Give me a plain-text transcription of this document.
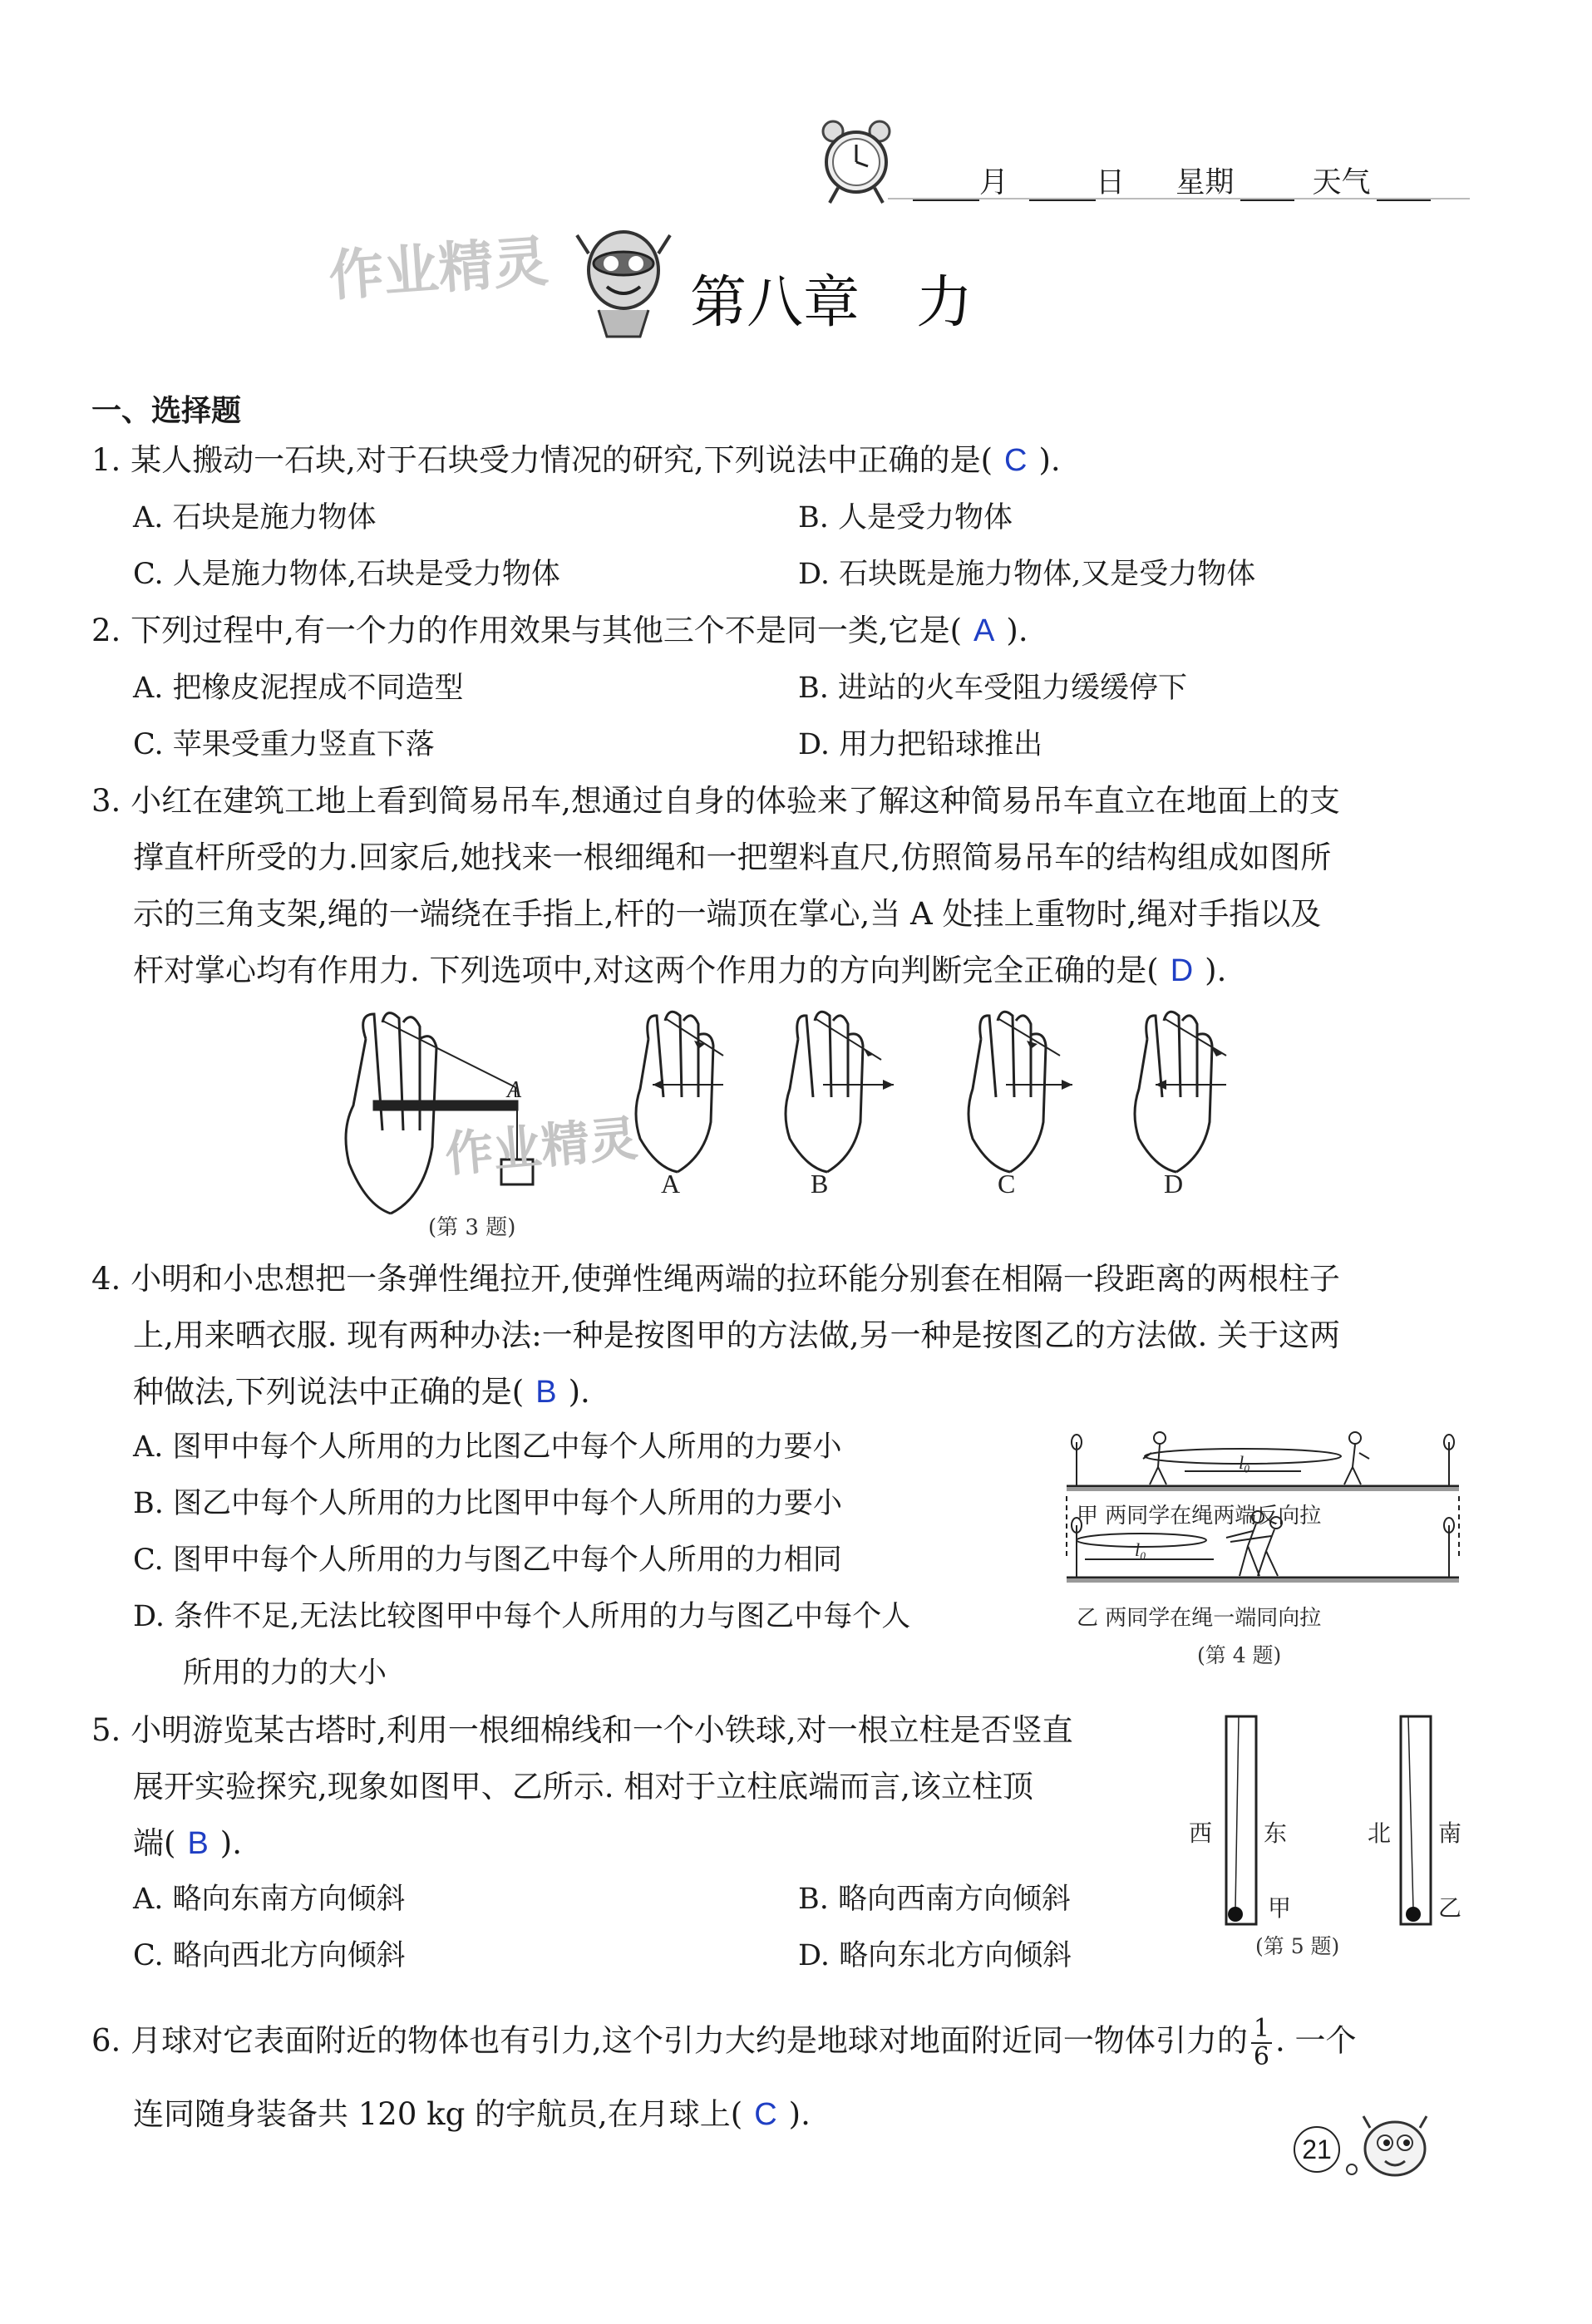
月	日 星期	天气
作业精灵 第八章　力
一、选择题
1. 某人搬动一石块,对于石块受力情况的研究,下列说法中正确的是( C ).
A. 石块是施力物体	B. 人是受力物体
C. 人是施力物体,石块是受力物体	D. 石块既是施力物体,又是受力物体
2. 下列过程中,有一个力的作用效果与其他三个不是同一类,它是( A ).
A. 把橡皮泥捏成不同造型	B. 进站的火车受阻力缓缓停下
C. 苹果受重力竖直下落	D. 用力把铅球推出
3. 小红在建筑工地上看到简易吊车,想通过自身的体验来了解这种简易吊车直立在地面上的支
撑直杆所受的力.回家后,她找来一根细绳和一把塑料直尺,仿照简易吊车的结构组成如图所
示的三角支架,绳的一端绕在手指上,杆的一端顶在掌心,当 A 处挂上重物时,绳对手指以及
杆对掌心均有作用力. 下列选项中,对这两个作用力的方向判断完全正确的是( D ).
A
作业精灵
(第 3 题)
A	B	C	D
4. 小明和小忠想把一条弹性绳拉开,使弹性绳两端的拉环能分别套在相隔一段距离的两根柱子
上,用来晒衣服. 现有两种办法:一种是按图甲的方法做,另一种是按图乙的方法做. 关于这两
种做法,下列说法中正确的是( B ).
A. 图甲中每个人所用的力比图乙中每个人所用的力要小
B. 图乙中每个人所用的力比图甲中每个人所用的力要小
C. 图甲中每个人所用的力与图乙中每个人所用的力相同
D. 条件不足,无法比较图甲中每个人所用的力与图乙中每个人
所用的力的大小
l₀
l₀
甲 两同学在绳两端反向拉
乙 两同学在绳一端同向拉
(第 4 题)
5. 小明游览某古塔时,利用一根细棉线和一个小铁球,对一根立柱是否竖直
展开实验探究,现象如图甲、乙所示. 相对于立柱底端而言,该立柱顶
端( B ).
A. 略向东南方向倾斜	B. 略向西南方向倾斜
C. 略向西北方向倾斜	D. 略向东北方向倾斜
西 东
甲
北 南
乙
(第 5 题)
6. 月球对它表面附近的物体也有引力,这个引力大约是地球对地面附近同一物体引力的 $\frac{1}{6}$ . 一个
连同随身装备共 120 kg 的宇航员,在月球上( C ).
21
